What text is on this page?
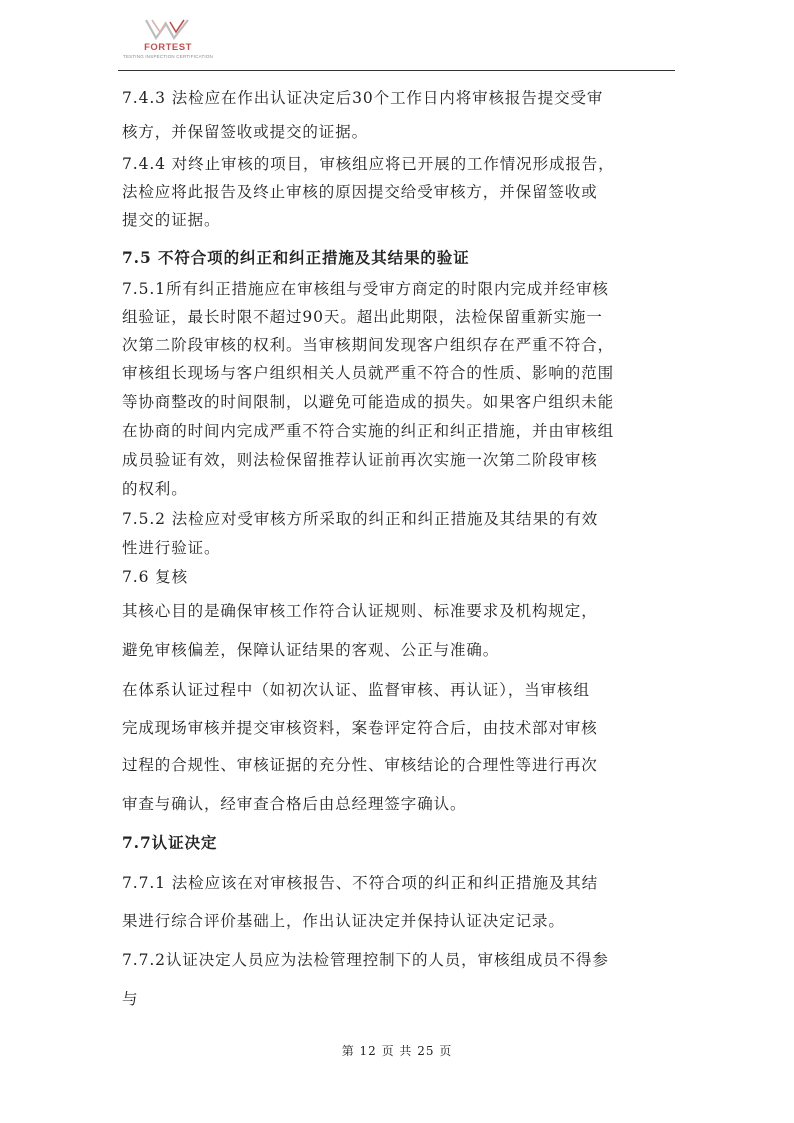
FORTEST
TESTING INSPECTION CERTIFICATION

7.4.3 法检应在作出认证决定后30个工作日内将审核报告提交受审

核方，并保留签收或提交的证据。

7.4.4 对终止审核的项目，审核组应将已开展的工作情况形成报告，

法检应将此报告及终止审核的原因提交给受审核方，并保留签收或

提交的证据。

7.5 不符合项的纠正和纠正措施及其结果的验证

7.5.1所有纠正措施应在审核组与受审方商定的时限内完成并经审核

组验证，最长时限不超过90天。超出此期限，法检保留重新实施一

次第二阶段审核的权利。当审核期间发现客户组织存在严重不符合，

审核组长现场与客户组织相关人员就严重不符合的性质、影响的范围

等协商整改的时间限制，以避免可能造成的损失。如果客户组织未能

在协商的时间内完成严重不符合实施的纠正和纠正措施，并由审核组

成员验证有效，则法检保留推荐认证前再次实施一次第二阶段审核

的权利。

7.5.2 法检应对受审核方所采取的纠正和纠正措施及其结果的有效

性进行验证。

7.6 复核

其核心目的是确保审核工作符合认证规则、标准要求及机构规定，

避免审核偏差，保障认证结果的客观、公正与准确。

在体系认证过程中（如初次认证、监督审核、再认证），当审核组

完成现场审核并提交审核资料，案卷评定符合后，由技术部对审核

过程的合规性、审核证据的充分性、审核结论的合理性等进行再次

审查与确认，经审查合格后由总经理签字确认。

7.7认证决定

7.7.1 法检应该在对审核报告、不符合项的纠正和纠正措施及其结

果进行综合评价基础上，作出认证决定并保持认证决定记录。

7.7.2认证决定人员应为法检管理控制下的人员，审核组成员不得参

与

第 12 页 共 25 页
